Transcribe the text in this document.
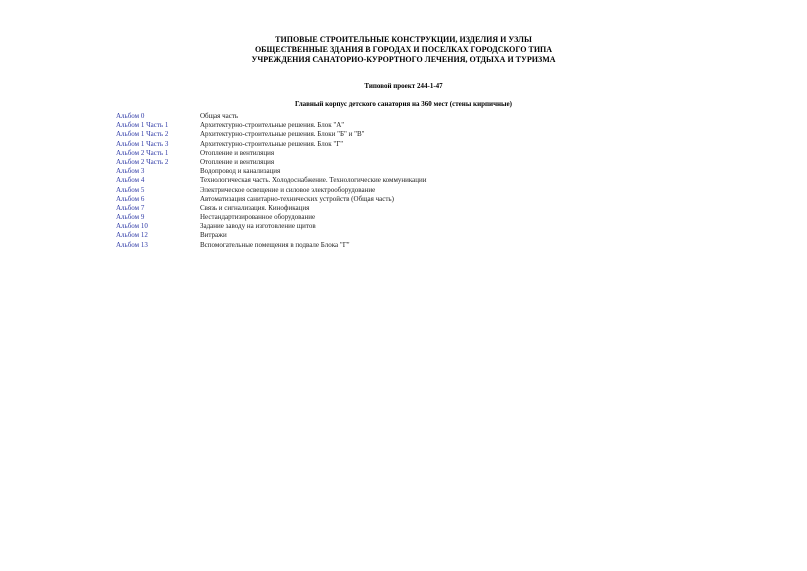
ТИПОВЫЕ СТРОИТЕЛЬНЫЕ КОНСТРУКЦИИ, ИЗДЕЛИЯ И УЗЛЫ
ОБЩЕСТВЕННЫЕ ЗДАНИЯ В ГОРОДАХ И ПОСЕЛКАХ ГОРОДСКОГО ТИПА
УЧРЕЖДЕНИЯ САНАТОРИО-КУРОРТНОГО ЛЕЧЕНИЯ, ОТДЫХА И ТУРИЗМА
Типовой проект 244-1-47
Главный корпус детского санатория на 360 мест (стены кирпичные)
Альбом 0	Общая часть
Альбом 1 Часть 1	Архитектурно-строительные решения. Блок "А"
Альбом 1 Часть 2	Архитектурно-строительные решения. Блоки "Б" и "В"
Альбом 1 Часть 3	Архитектурно-строительные решения. Блок "Г"
Альбом 2 Часть 1	Отопление и вентиляция
Альбом 2 Часть 2	Отопление и вентиляция
Альбом 3	Водопровод и канализация
Альбом 4	Технологическая часть. Холодоснабжение. Технологические коммуникации
Альбом 5	Электрическое освещение и силовое электрооборудование
Альбом 6	Автоматизация санитарно-технических устройств (Общая часть)
Альбом 7	Связь и сигнализация. Кинофикация
Альбом 9	Нестандартизированное оборудование
Альбом 10	Задание заводу на изготовление щитов
Альбом 12	Витражи
Альбом 13	Вспомогательные помещения в подвале Блока "Г"
